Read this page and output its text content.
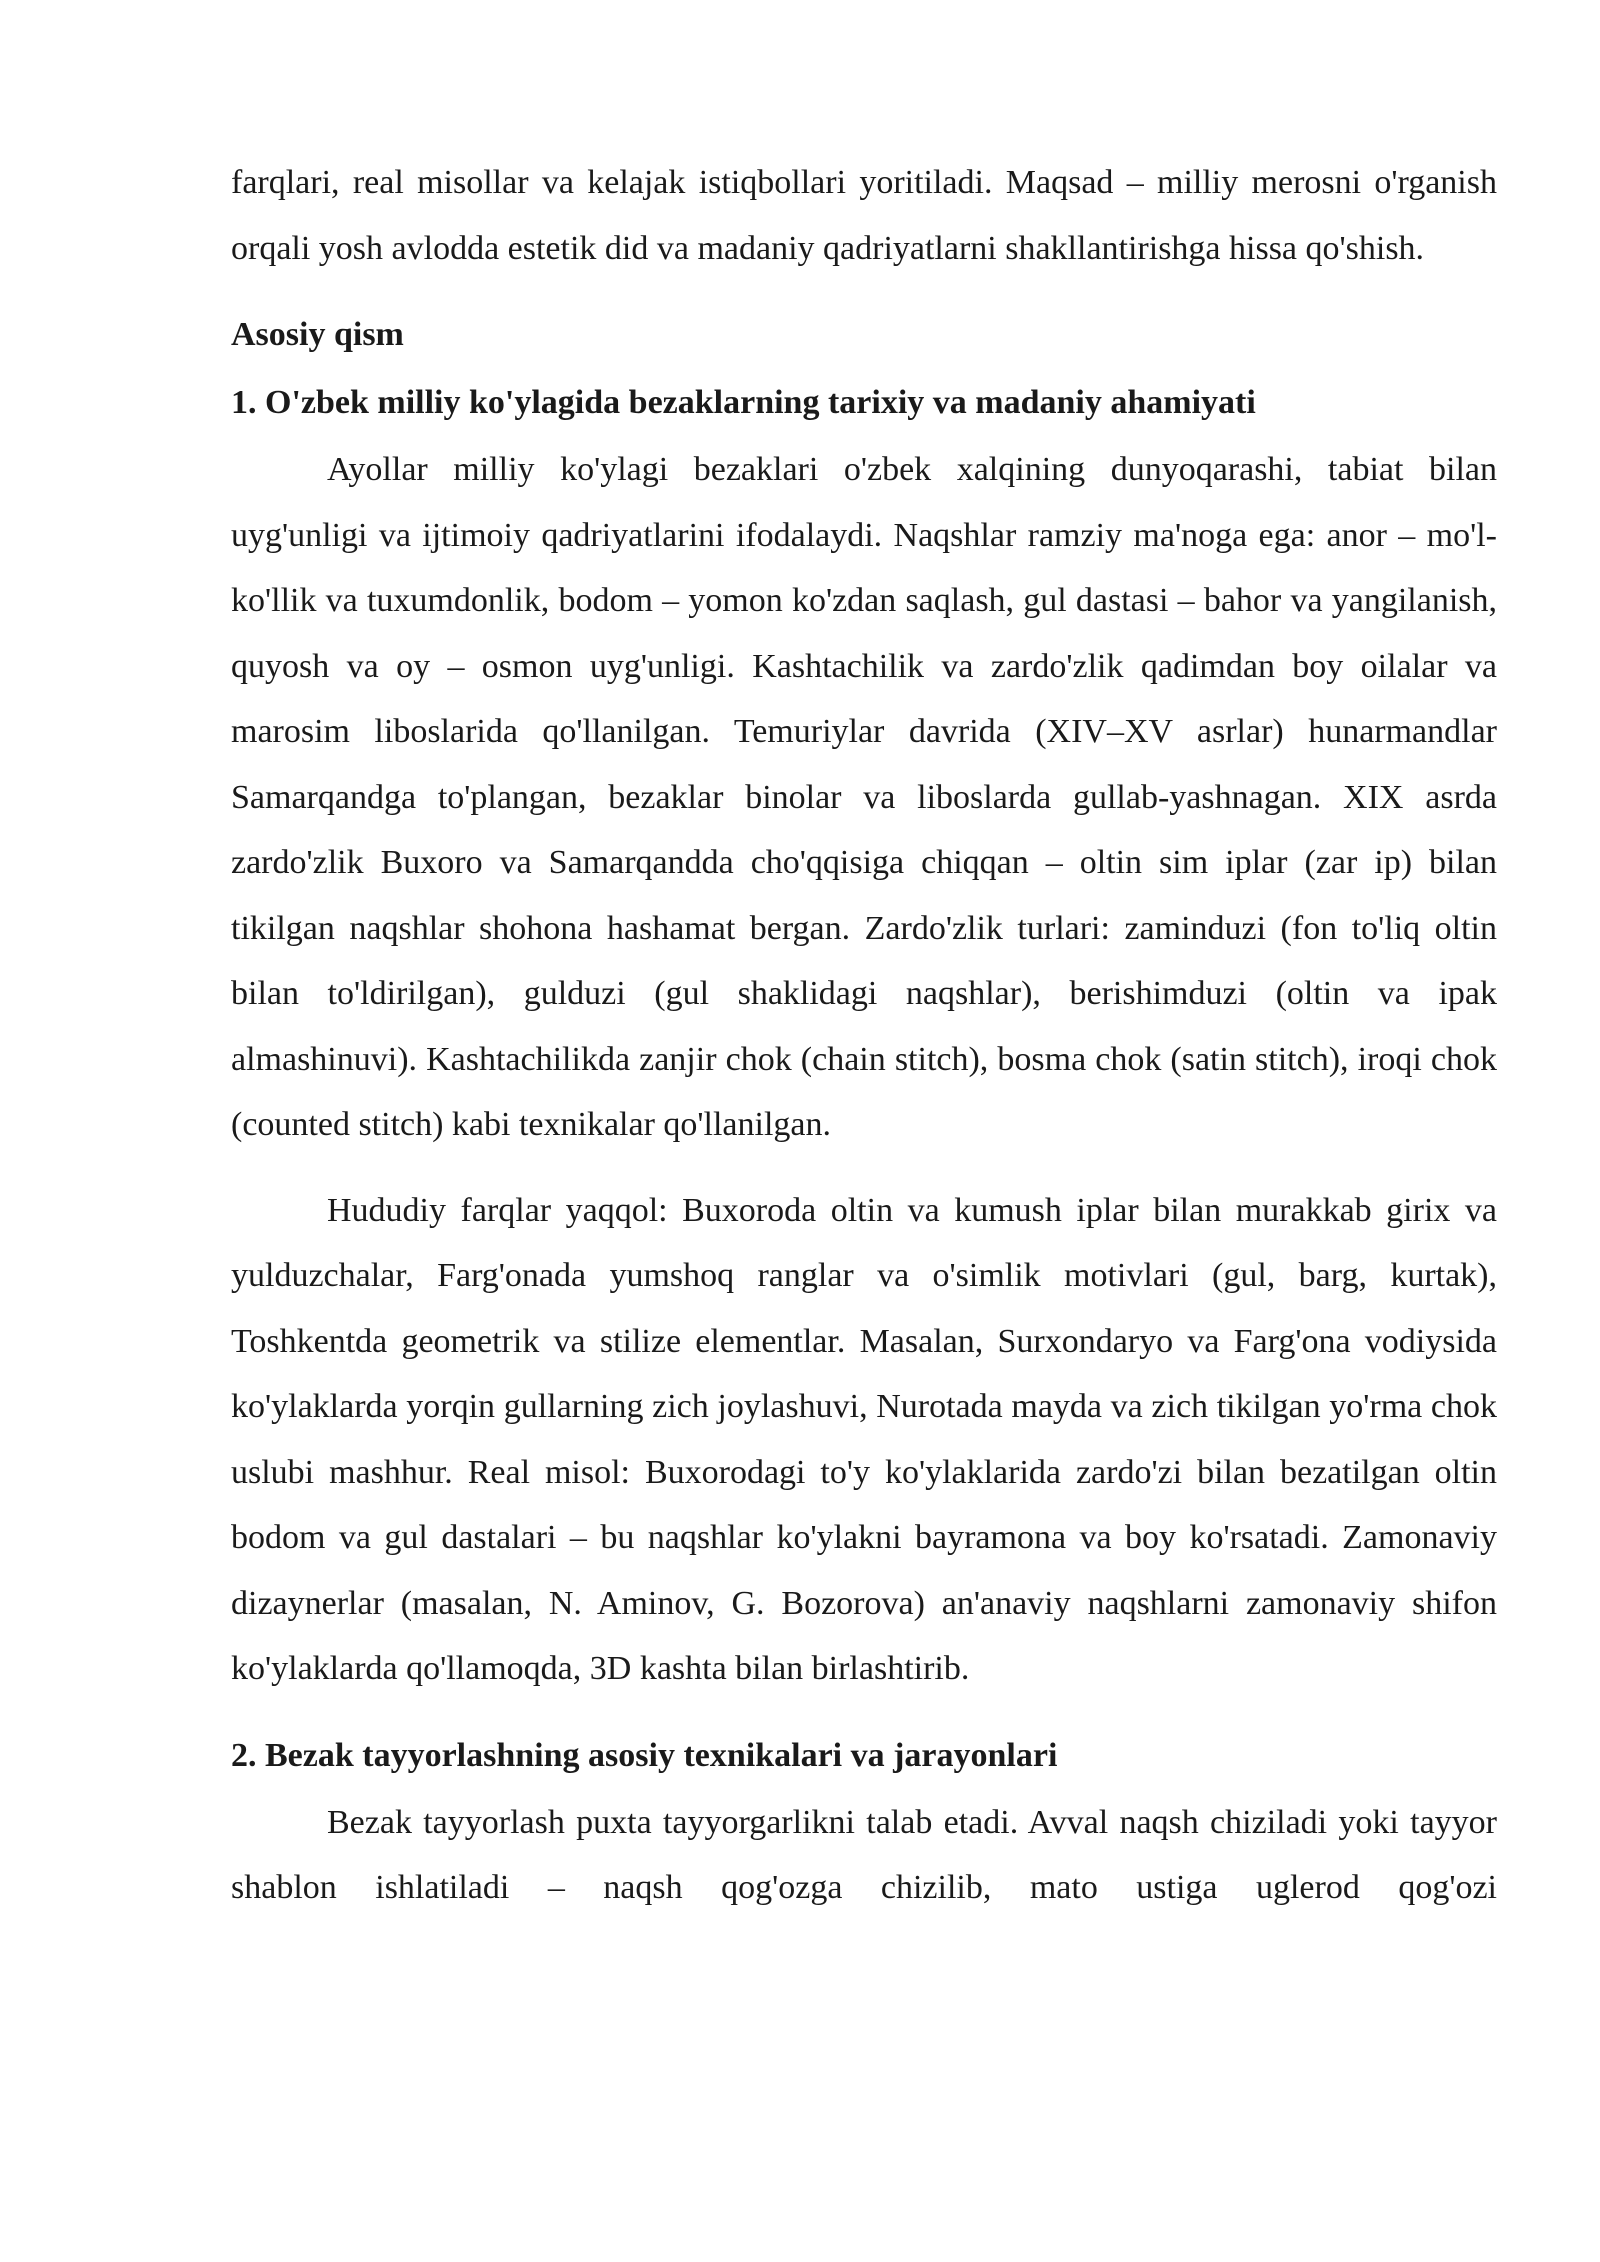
farqlari, real misollar va kelajak istiqbollari yoritiladi. Maqsad – milliy merosni o'rganish orqali yosh avlodda estetik did va madaniy qadriyatlarni shakllantirishga hissa qo'shish.

Asosiy qism
1. O'zbek milliy ko'ylagida bezaklarning tarixiy va madaniy ahamiyati

Ayollar milliy ko'ylagi bezaklari o'zbek xalqining dunyoqarashi, tabiat bilan uyg'unligi va ijtimoiy qadriyatlarini ifodalaydi. Naqshlar ramziy ma'noga ega: anor – mo'l-ko'llik va tuxumdonlik, bodom – yomon ko'zdan saqlash, gul dastasi – bahor va yangilanish, quyosh va oy – osmon uyg'unligi. Kashtachilik va zardo'zlik qadimdan boy oilalar va marosim liboslarida qo'llanilgan. Temuriylar davrida (XIV–XV asrlar) hunarmandlar Samarqandga to'plangan, bezaklar binolar va liboslarda gullab-yashnagan. XIX asrda zardo'zlik Buxoro va Samarqandda cho'qqisiga chiqqan – oltin sim iplar (zar ip) bilan tikilgan naqshlar shohona hashamat bergan. Zardo'zlik turlari: zaminduzi (fon to'liq oltin bilan to'ldirilgan), gulduzi (gul shaklidagi naqshlar), berishimduzi (oltin va ipak almashinuvi). Kashtachilikda zanjir chok (chain stitch), bosma chok (satin stitch), iroqi chok (counted stitch) kabi texnikalar qo'llanilgan.

Hududiy farqlar yaqqol: Buxoroda oltin va kumush iplar bilan murakkab girix va yulduzchalar, Farg'onada yumshoq ranglar va o'simlik motivlari (gul, barg, kurtak), Toshkentda geometrik va stilize elementlar. Masalan, Surxondaryo va Farg'ona vodiysida ko'ylaklarda yorqin gullarning zich joylashuvi, Nurotada mayda va zich tikilgan yo'rma chok uslubi mashhur. Real misol: Buxorodagi to'y ko'ylaklarida zardo'zi bilan bezatilgan oltin bodom va gul dastalari – bu naqshlar ko'ylakni bayramona va boy ko'rsatadi. Zamonaviy dizaynerlar (masalan, N. Aminov, G. Bozorova) an'anaviy naqshlarni zamonaviy shifon ko'ylaklarda qo'llamoqda, 3D kashta bilan birlashtirib.

2. Bezak tayyorlashning asosiy texnikalari va jarayonlari

Bezak tayyorlash puxta tayyorgarlikni talab etadi. Avval naqsh chiziladi yoki tayyor shablon ishlatiladi – naqsh qog'ozga chizilib, mato ustiga uglerod qog'ozi
